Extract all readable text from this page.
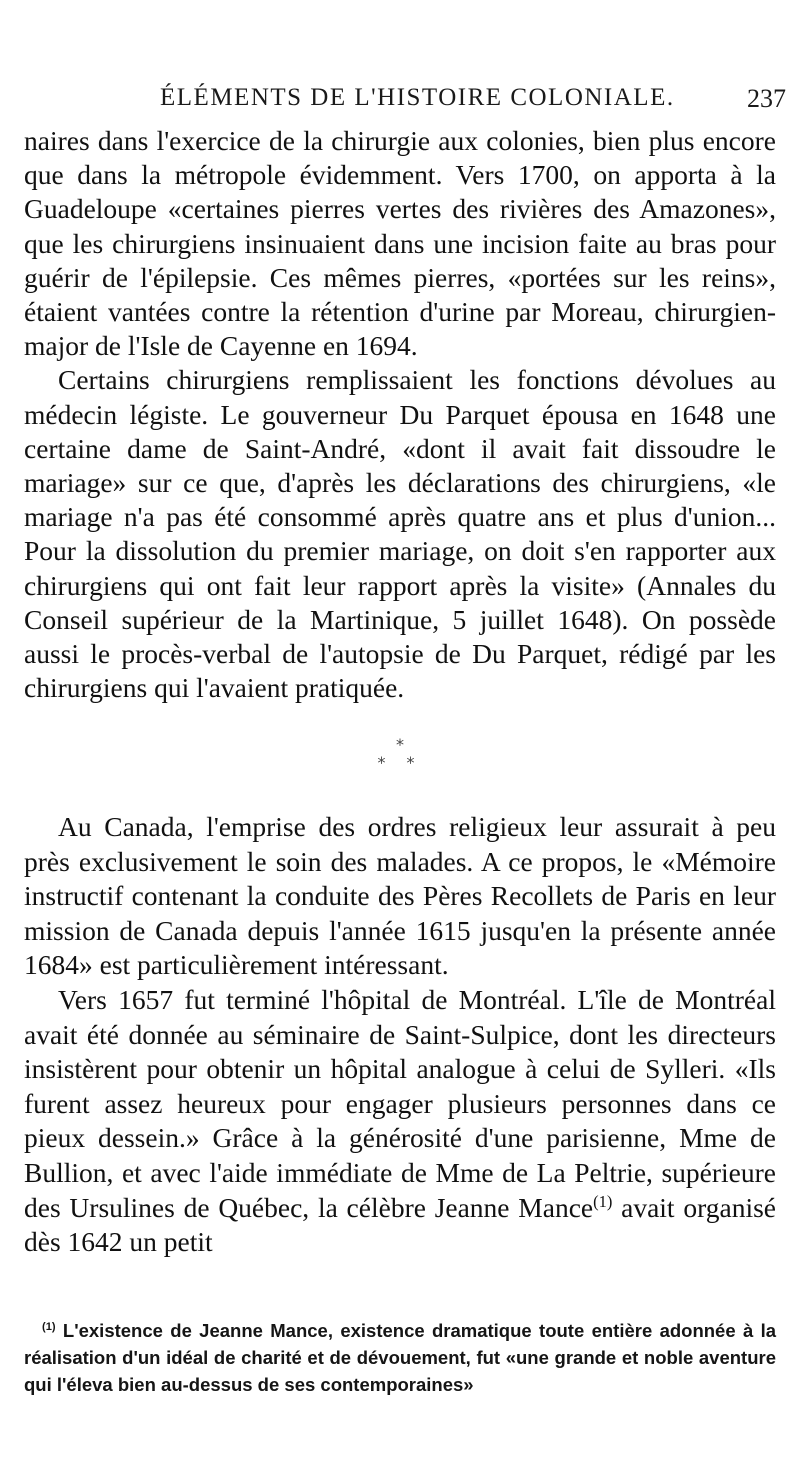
ÉLÉMENTS DE L'HISTOIRE COLONIALE.	237

naires dans l'exercice de la chirurgie aux colonies, bien plus encore que dans la métropole évidemment. Vers 1700, on apporta à la Guadeloupe «certaines pierres vertes des rivières des Amazones», que les chirurgiens insinuaient dans une incision faite au bras pour guérir de l'épilepsie. Ces mêmes pierres, «portées sur les reins», étaient vantées contre la rétention d'urine par Moreau, chirurgien-major de l'Isle de Cayenne en 1694.

Certains chirurgiens remplissaient les fonctions dévolues au médecin légiste. Le gouverneur Du Parquet épousa en 1648 une certaine dame de Saint-André, «dont il avait fait dissoudre le mariage» sur ce que, d'après les déclarations des chirurgiens, «le mariage n'a pas été consommé après quatre ans et plus d'union... Pour la dissolution du premier mariage, on doit s'en rapporter aux chirurgiens qui ont fait leur rapport après la visite» (Annales du Conseil supérieur de la Martinique, 5 juillet 1648). On possède aussi le procès-verbal de l'autopsie de Du Parquet, rédigé par les chirurgiens qui l'avaient pratiquée.

*
* *

Au Canada, l'emprise des ordres religieux leur assurait à peu près exclusivement le soin des malades. A ce propos, le «Mémoire instructif contenant la conduite des Pères Recollets de Paris en leur mission de Canada depuis l'année 1615 jusqu'en la présente année 1684» est particulièrement intéressant.

Vers 1657 fut terminé l'hôpital de Montréal. L'île de Montréal avait été donnée au séminaire de Saint-Sulpice, dont les directeurs insistèrent pour obtenir un hôpital analogue à celui de Sylleri. «Ils furent assez heureux pour engager plusieurs personnes dans ce pieux dessein.» Grâce à la générosité d'une parisienne, Mme de Bullion, et avec l'aide immédiate de Mme de La Peltrie, supérieure des Ursulines de Québec, la célèbre Jeanne Mance$^{(1)}$ avait organisé dès 1642 un petit

$^{(1)}$ L'existence de Jeanne Mance, existence dramatique toute entière adonnée à la réalisation d'un idéal de charité et de dévouement, fut «une grande et noble aventure qui l'éleva bien au-dessus de ses contemporaines»
